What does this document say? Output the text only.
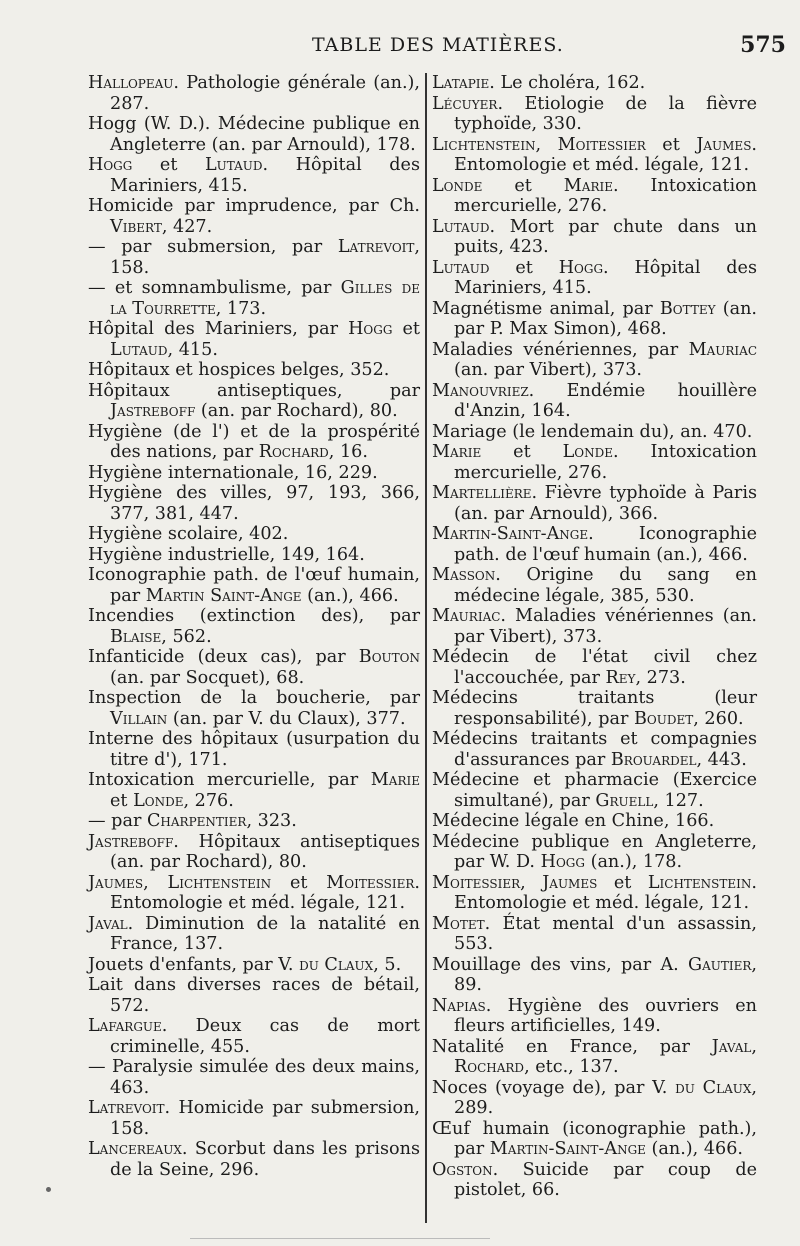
TABLE DES MATIÈRES.	575

Hallopeau. Pathologie générale (an.), 287.

Hogg (W. D.). Médecine publique en Angleterre (an. par Arnould), 178.

Hogg et Lutaud. Hôpital des Mariniers, 415.

Homicide par imprudence, par Ch. Vibert, 427.

— par submersion, par Latrevoit, 158.

— et somnambulisme, par Gilles de la Tourrette, 173.

Hôpital des Mariniers, par Hogg et Lutaud, 415.

Hôpitaux et hospices belges, 352.

Hôpitaux antiseptiques, par Jastreboff (an. par Rochard), 80.

Hygiène (de l') et de la prospérité des nations, par Rochard, 16.

Hygiène internationale, 16, 229.

Hygiène des villes, 97, 193, 366, 377, 381, 447.

Hygiène scolaire, 402.

Hygiène industrielle, 149, 164.

Iconographie path. de l'œuf humain, par Martin Saint-Ange (an.), 466.

Incendies (extinction des), par Blaise, 562.

Infanticide (deux cas), par Bouton (an. par Socquet), 68.

Inspection de la boucherie, par Villain (an. par V. du Claux), 377.

Interne des hôpitaux (usurpation du titre d'), 171.

Intoxication mercurielle, par Marie et Londe, 276.

— par Charpentier, 323.

Jastreboff. Hôpitaux antiseptiques (an. par Rochard), 80.

Jaumes, Lichtenstein et Moitessier. Entomologie et méd. légale, 121.

Javal. Diminution de la natalité en France, 137.

Jouets d'enfants, par V. du Claux, 5.

Lait dans diverses races de bétail, 572.

Lafargue. Deux cas de mort criminelle, 455.

— Paralysie simulée des deux mains, 463.

Latrevoit. Homicide par submersion, 158.

Lancereaux. Scorbut dans les prisons de la Seine, 296.

Latapie. Le choléra, 162.

Lécuyer. Etiologie de la fièvre typhoïde, 330.

Lichtenstein, Moitessier et Jaumes. Entomologie et méd. légale, 121.

Londe et Marie. Intoxication mercurielle, 276.

Lutaud. Mort par chute dans un puits, 423.

Lutaud et Hogg. Hôpital des Mariniers, 415.

Magnétisme animal, par Bottey (an. par P. Max Simon), 468.

Maladies vénériennes, par Mauriac (an. par Vibert), 373.

Manouvriez. Endémie houillère d'Anzin, 164.

Mariage (le lendemain du), an. 470.

Marie et Londe. Intoxication mercurielle, 276.

Martellière. Fièvre typhoïde à Paris (an. par Arnould), 366.

Martin-Saint-Ange. Iconographie path. de l'œuf humain (an.), 466.

Masson. Origine du sang en médecine légale, 385, 530.

Mauriac. Maladies vénériennes (an. par Vibert), 373.

Médecin de l'état civil chez l'accouchée, par Rey, 273.

Médecins traitants (leur responsabilité), par Boudet, 260.

Médecins traitants et compagnies d'assurances par Brouardel, 443.

Médecine et pharmacie (Exercice simultané), par Gruell, 127.

Médecine légale en Chine, 166.

Médecine publique en Angleterre, par W. D. Hogg (an.), 178.

Moitessier, Jaumes et Lichtenstein. Entomologie et méd. légale, 121.

Motet. État mental d'un assassin, 553.

Mouillage des vins, par A. Gautier, 89.

Napias. Hygiène des ouvriers en fleurs artificielles, 149.

Natalité en France, par Javal, Rochard, etc., 137.

Noces (voyage de), par V. du Claux, 289.

Œuf humain (iconographie path.), par Martin-Saint-Ange (an.), 466.

Ogston. Suicide par coup de pistolet, 66.
